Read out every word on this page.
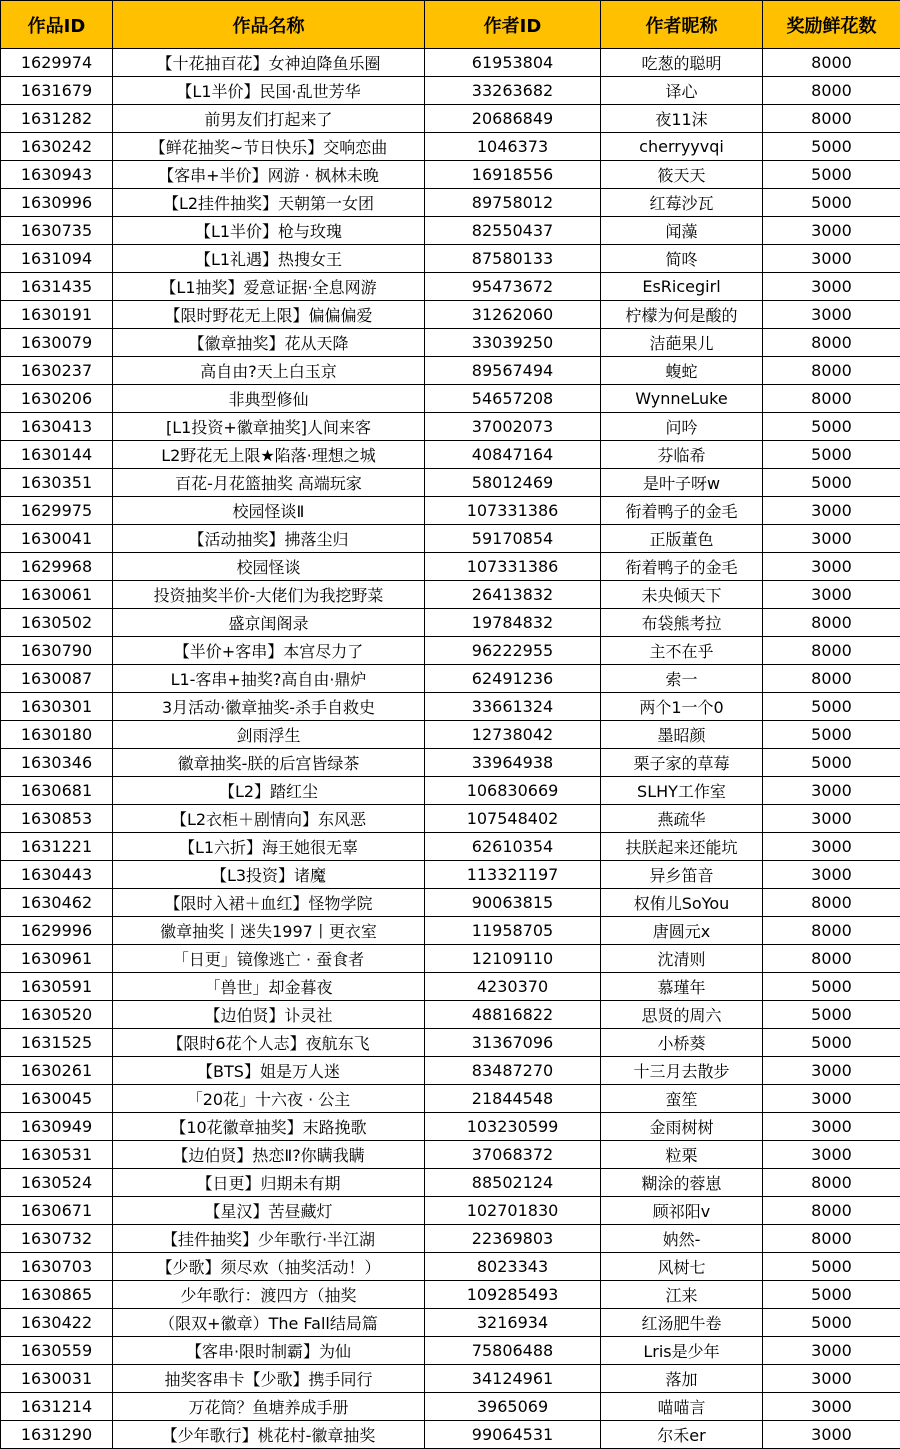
作品ID	作品名称	作者ID	作者昵称	奖励鲜花数
1629974	【十花抽百花】女神迫降鱼乐圈	61953804	吃葱的聪明	8000
1631679	【L1半价】民国·乱世芳华	33263682	译心	8000
1631282	前男友们打起来了	20686849	夜11沫	8000
1630242	【鲜花抽奖~节日快乐】交响恋曲	1046373	cherryyvqi	5000
1630943	【客串+半价】网游 · 枫林未晚	16918556	筱天天	5000
1630996	【L2挂件抽奖】天朝第一女团	89758012	红莓沙瓦	5000
1630735	【L1半价】枪与玫瑰	82550437	闻藻	3000
1631094	【L1礼遇】热搜女王	87580133	简咚	3000
1631435	【L1抽奖】爱意证据·全息网游	95473672	EsRicegirl	3000
1630191	【限时野花无上限】偏偏偏爱	31262060	柠檬为何是酸的	3000
1630079	【徽章抽奖】花从天降	33039250	洁葩果儿	8000
1630237	高自由?天上白玉京	89567494	蝮蛇	8000
1630206	非典型修仙	54657208	WynneLuke	8000
1630413	[L1投资+徽章抽奖]人间来客	37002073	问吟	5000
1630144	L2野花无上限★陷落·理想之城	40847164	芬临希	5000
1630351	百花-月花篮抽奖 高端玩家	58012469	是叶子呀w	5000
1629975	校园怪谈Ⅱ	107331386	衔着鸭子的金毛	3000
1630041	【活动抽奖】拂落尘归	59170854	正版董色	3000
1629968	校园怪谈	107331386	衔着鸭子的金毛	3000
1630061	投资抽奖半价-大佬们为我挖野菜	26413832	未央倾天下	3000
1630502	盛京闺阁录	19784832	布袋熊考拉	8000
1630790	【半价+客串】本宫尽力了	96222955	主不在乎	8000
1630087	L1-客串+抽奖?高自由·鼎炉	62491236	索一	8000
1630301	3月活动·徽章抽奖-杀手自救史	33661324	两个1一个0	5000
1630180	剑雨浮生	12738042	墨昭颜	5000
1630346	徽章抽奖-朕的后宫皆绿茶	33964938	栗子家的草莓	5000
1630681	【L2】踏红尘	106830669	SLHY工作室	3000
1630853	【L2衣柜＋剧情向】东风恶	107548402	燕疏华	3000
1631221	【L1六折】海王她很无辜	62610354	扶朕起来还能坑	3000
1630443	【L3投资】诸魔	113321197	异乡笛音	3000
1630462	【限时入裙＋血红】怪物学院	90063815	权侑儿SoYou	8000
1629996	徽章抽奖丨迷失1997丨更衣室	11958705	唐圆元x	8000
1630961	「日更」镜像逃亡 · 蚕食者	12109110	沈清则	8000
1630591	「兽世」却金暮夜	4230370	慕瑾年	5000
1630520	【边伯贤】讣灵社	48816822	思贤的周六	5000
1631525	【限时6花个人志】夜航东飞	31367096	小桥葵	5000
1630261	【BTS】姐是万人迷	83487270	十三月去散步	3000
1630045	「20花」十六夜 · 公主	21844548	蛮笙	3000
1630949	【10花徽章抽奖】末路挽歌	103230599	金雨树树	3000
1630531	【边伯贤】热恋Ⅱ?你瞒我瞒	37068372	粒栗	3000
1630524	【日更】归期未有期	88502124	糊涂的蓉崽	8000
1630671	【星汉】苦昼藏灯	102701830	顾祁阳v	8000
1630732	【挂件抽奖】少年歌行·半江湖	22369803	妠然-	8000
1630703	【少歌】须尽欢（抽奖活动！）	8023343	风树七	5000
1630865	少年歌行：渡四方（抽奖	109285493	江来	5000
1630422	（限双+徽章）The Fall结局篇	3216934	红汤肥牛卷	5000
1630559	【客串·限时制霸】为仙	75806488	Lris是少年	3000
1630031	抽奖客串卡【少歌】携手同行	34124961	落加	3000
1631214	万花筒？鱼塘养成手册	3965069	喵喵言	3000
1631290	【少年歌行】桃花村-徽章抽奖	99064531	尔禾er	3000
